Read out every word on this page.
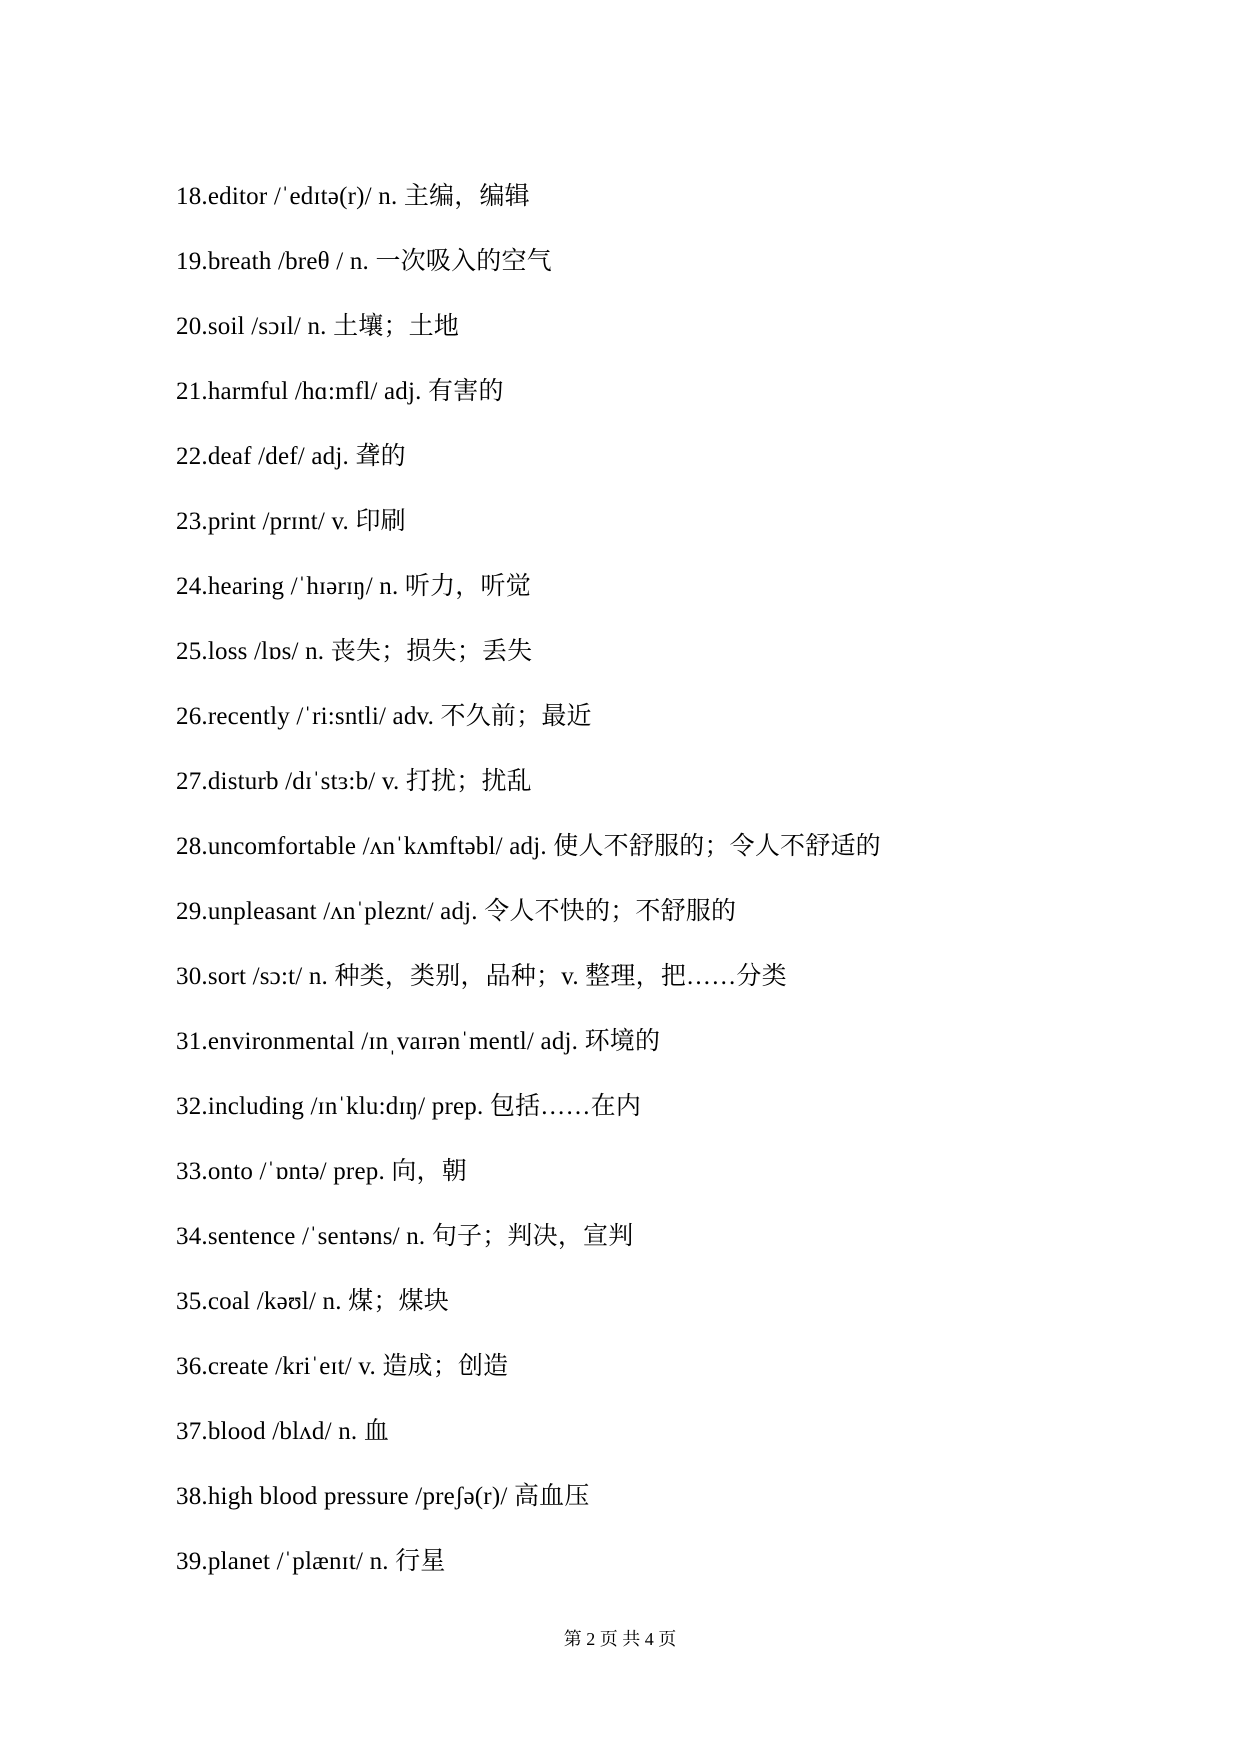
18.editor /ˈedɪtə(r)/ n. 主编，编辑

19.breath /breθ / n. 一次吸入的空气

20.soil /sɔɪl/ n. 土壤；土地

21.harmful /hɑ:mfl/ adj. 有害的

22.deaf /def/ adj. 聋的

23.print /prɪnt/ v. 印刷

24.hearing /ˈhɪərɪŋ/ n. 听力，听觉

25.loss /lɒs/ n. 丧失；损失；丢失

26.recently /ˈri:sntli/ adv. 不久前；最近

27.disturb /dɪˈstɜ:b/ v. 打扰；扰乱

28.uncomfortable /ʌnˈkʌmftəbl/ adj. 使人不舒服的；令人不舒适的

29.unpleasant /ʌnˈpleznt/ adj. 令人不快的；不舒服的

30.sort /sɔ:t/ n. 种类，类别，品种；v. 整理，把……分类

31.environmental /ɪnˌvaɪrənˈmentl/ adj. 环境的

32.including /ɪnˈklu:dɪŋ/ prep. 包括……在内

33.onto /ˈɒntə/ prep. 向，朝

34.sentence /ˈsentəns/ n. 句子；判决，宣判

35.coal /kəʊl/ n. 煤；煤块

36.create /kriˈeɪt/ v. 造成；创造

37.blood /blʌd/ n. 血

38.high blood pressure /preʃə(r)/ 高血压

39.planet /ˈplænɪt/ n. 行星

第 2 页 共 4 页
